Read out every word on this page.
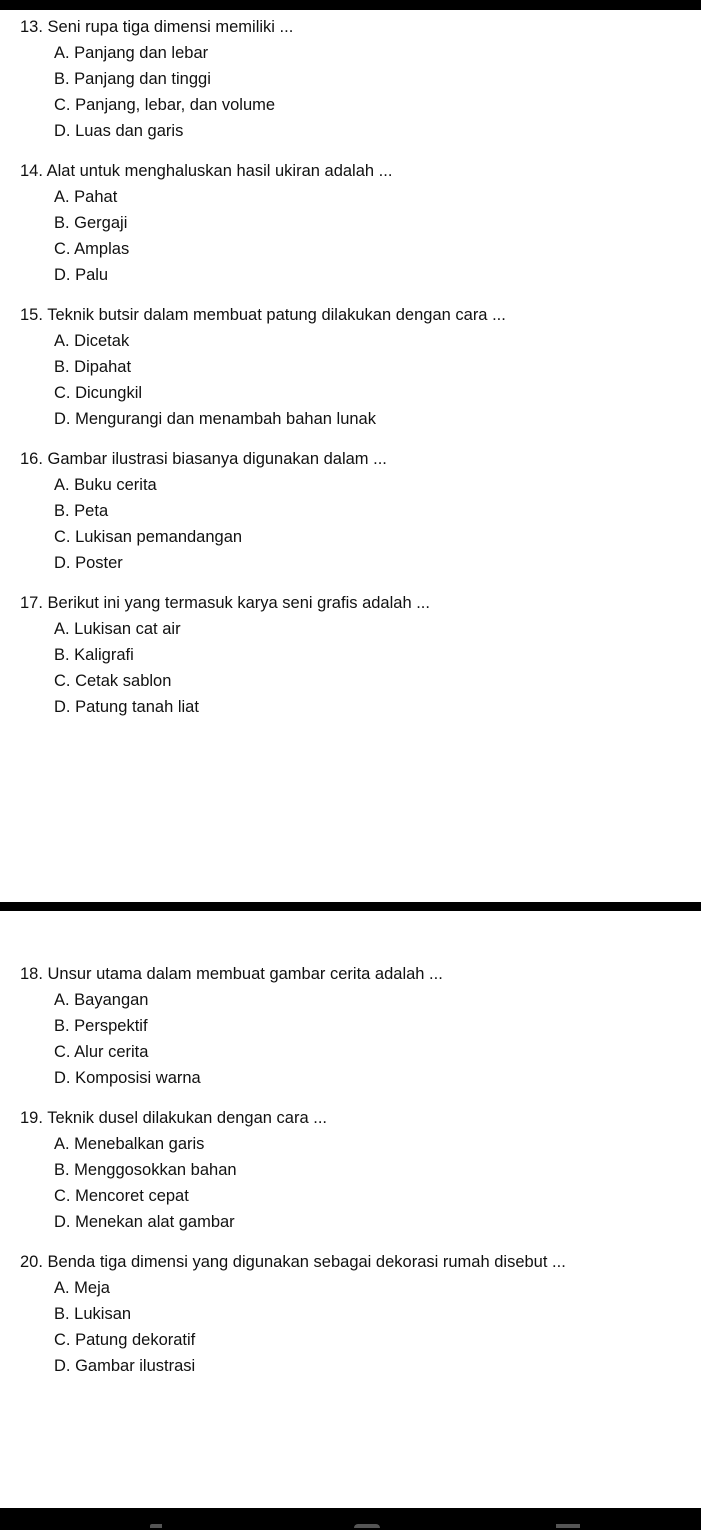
13. Seni rupa tiga dimensi memiliki ...
A. Panjang dan lebar
B. Panjang dan tinggi
C. Panjang, lebar, dan volume
D. Luas dan garis
14. Alat untuk menghaluskan hasil ukiran adalah ...
A. Pahat
B. Gergaji
C. Amplas
D. Palu
15. Teknik butsir dalam membuat patung dilakukan dengan cara ...
A. Dicetak
B. Dipahat
C. Dicungkil
D. Mengurangi dan menambah bahan lunak
16. Gambar ilustrasi biasanya digunakan dalam ...
A. Buku cerita
B. Peta
C. Lukisan pemandangan
D. Poster
17. Berikut ini yang termasuk karya seni grafis adalah ...
A. Lukisan cat air
B. Kaligrafi
C. Cetak sablon
D. Patung tanah liat
18. Unsur utama dalam membuat gambar cerita adalah ...
A. Bayangan
B. Perspektif
C. Alur cerita
D. Komposisi warna
19. Teknik dusel dilakukan dengan cara ...
A. Menebalkan garis
B. Menggosokkan bahan
C. Mencoret cepat
D. Menekan alat gambar
20. Benda tiga dimensi yang digunakan sebagai dekorasi rumah disebut ...
A. Meja
B. Lukisan
C. Patung dekoratif
D. Gambar ilustrasi
